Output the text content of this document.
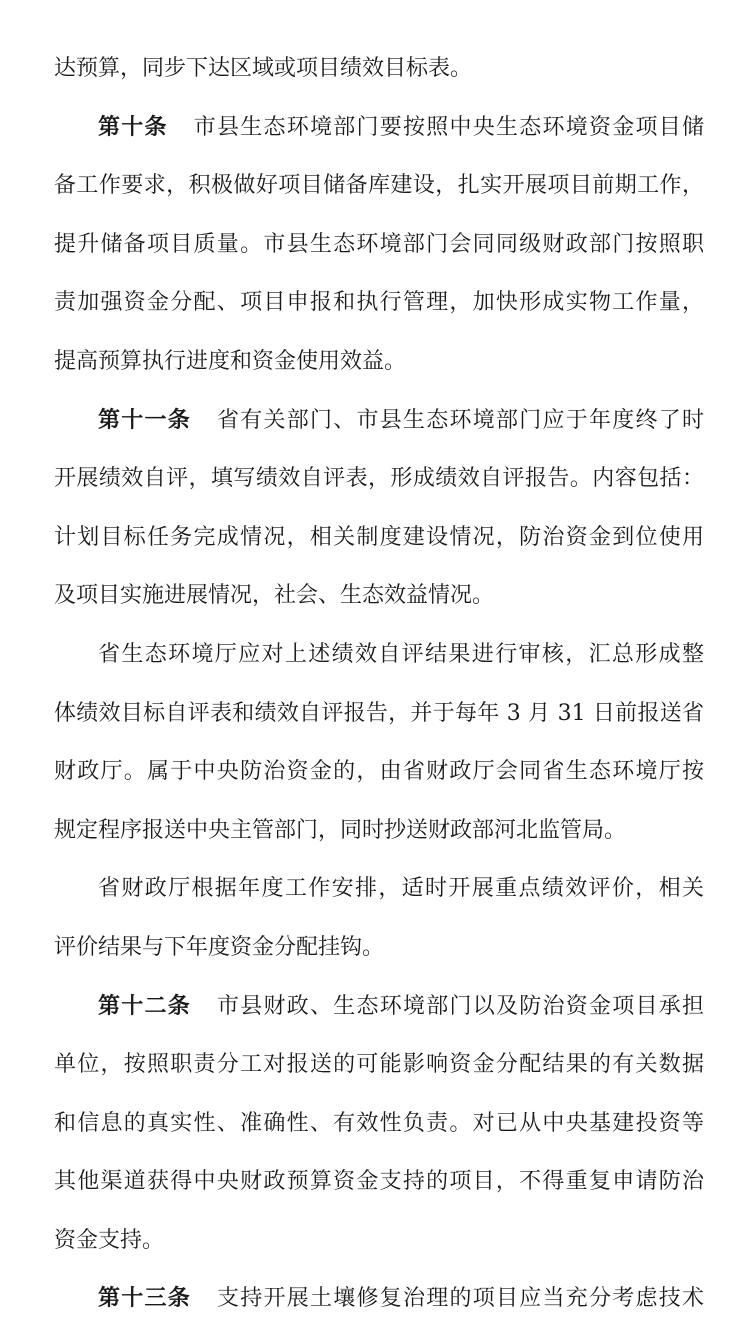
达预算，同步下达区域或项目绩效目标表。
第十条 市县生态环境部门要按照中央生态环境资金项目储
备工作要求，积极做好项目储备库建设，扎实开展项目前期工作，
提升储备项目质量。市县生态环境部门会同同级财政部门按照职
责加强资金分配、项目申报和执行管理，加快形成实物工作量，
提高预算执行进度和资金使用效益。
第十一条 省有关部门、市县生态环境部门应于年度终了时
开展绩效自评，填写绩效自评表，形成绩效自评报告。内容包括：
计划目标任务完成情况，相关制度建设情况，防治资金到位使用
及项目实施进展情况，社会、生态效益情况。
省生态环境厅应对上述绩效自评结果进行审核，汇总形成整
体绩效目标自评表和绩效自评报告，并于每年 3 月 31 日前报送省
财政厅。属于中央防治资金的，由省财政厅会同省生态环境厅按
规定程序报送中央主管部门，同时抄送财政部河北监管局。
省财政厅根据年度工作安排，适时开展重点绩效评价，相关
评价结果与下年度资金分配挂钩。
第十二条 市县财政、生态环境部门以及防治资金项目承担
单位，按照职责分工对报送的可能影响资金分配结果的有关数据
和信息的真实性、准确性、有效性负责。对已从中央基建投资等
其他渠道获得中央财政预算资金支持的项目，不得重复申请防治
资金支持。
第十三条 支持开展土壤修复治理的项目应当充分考虑技术
